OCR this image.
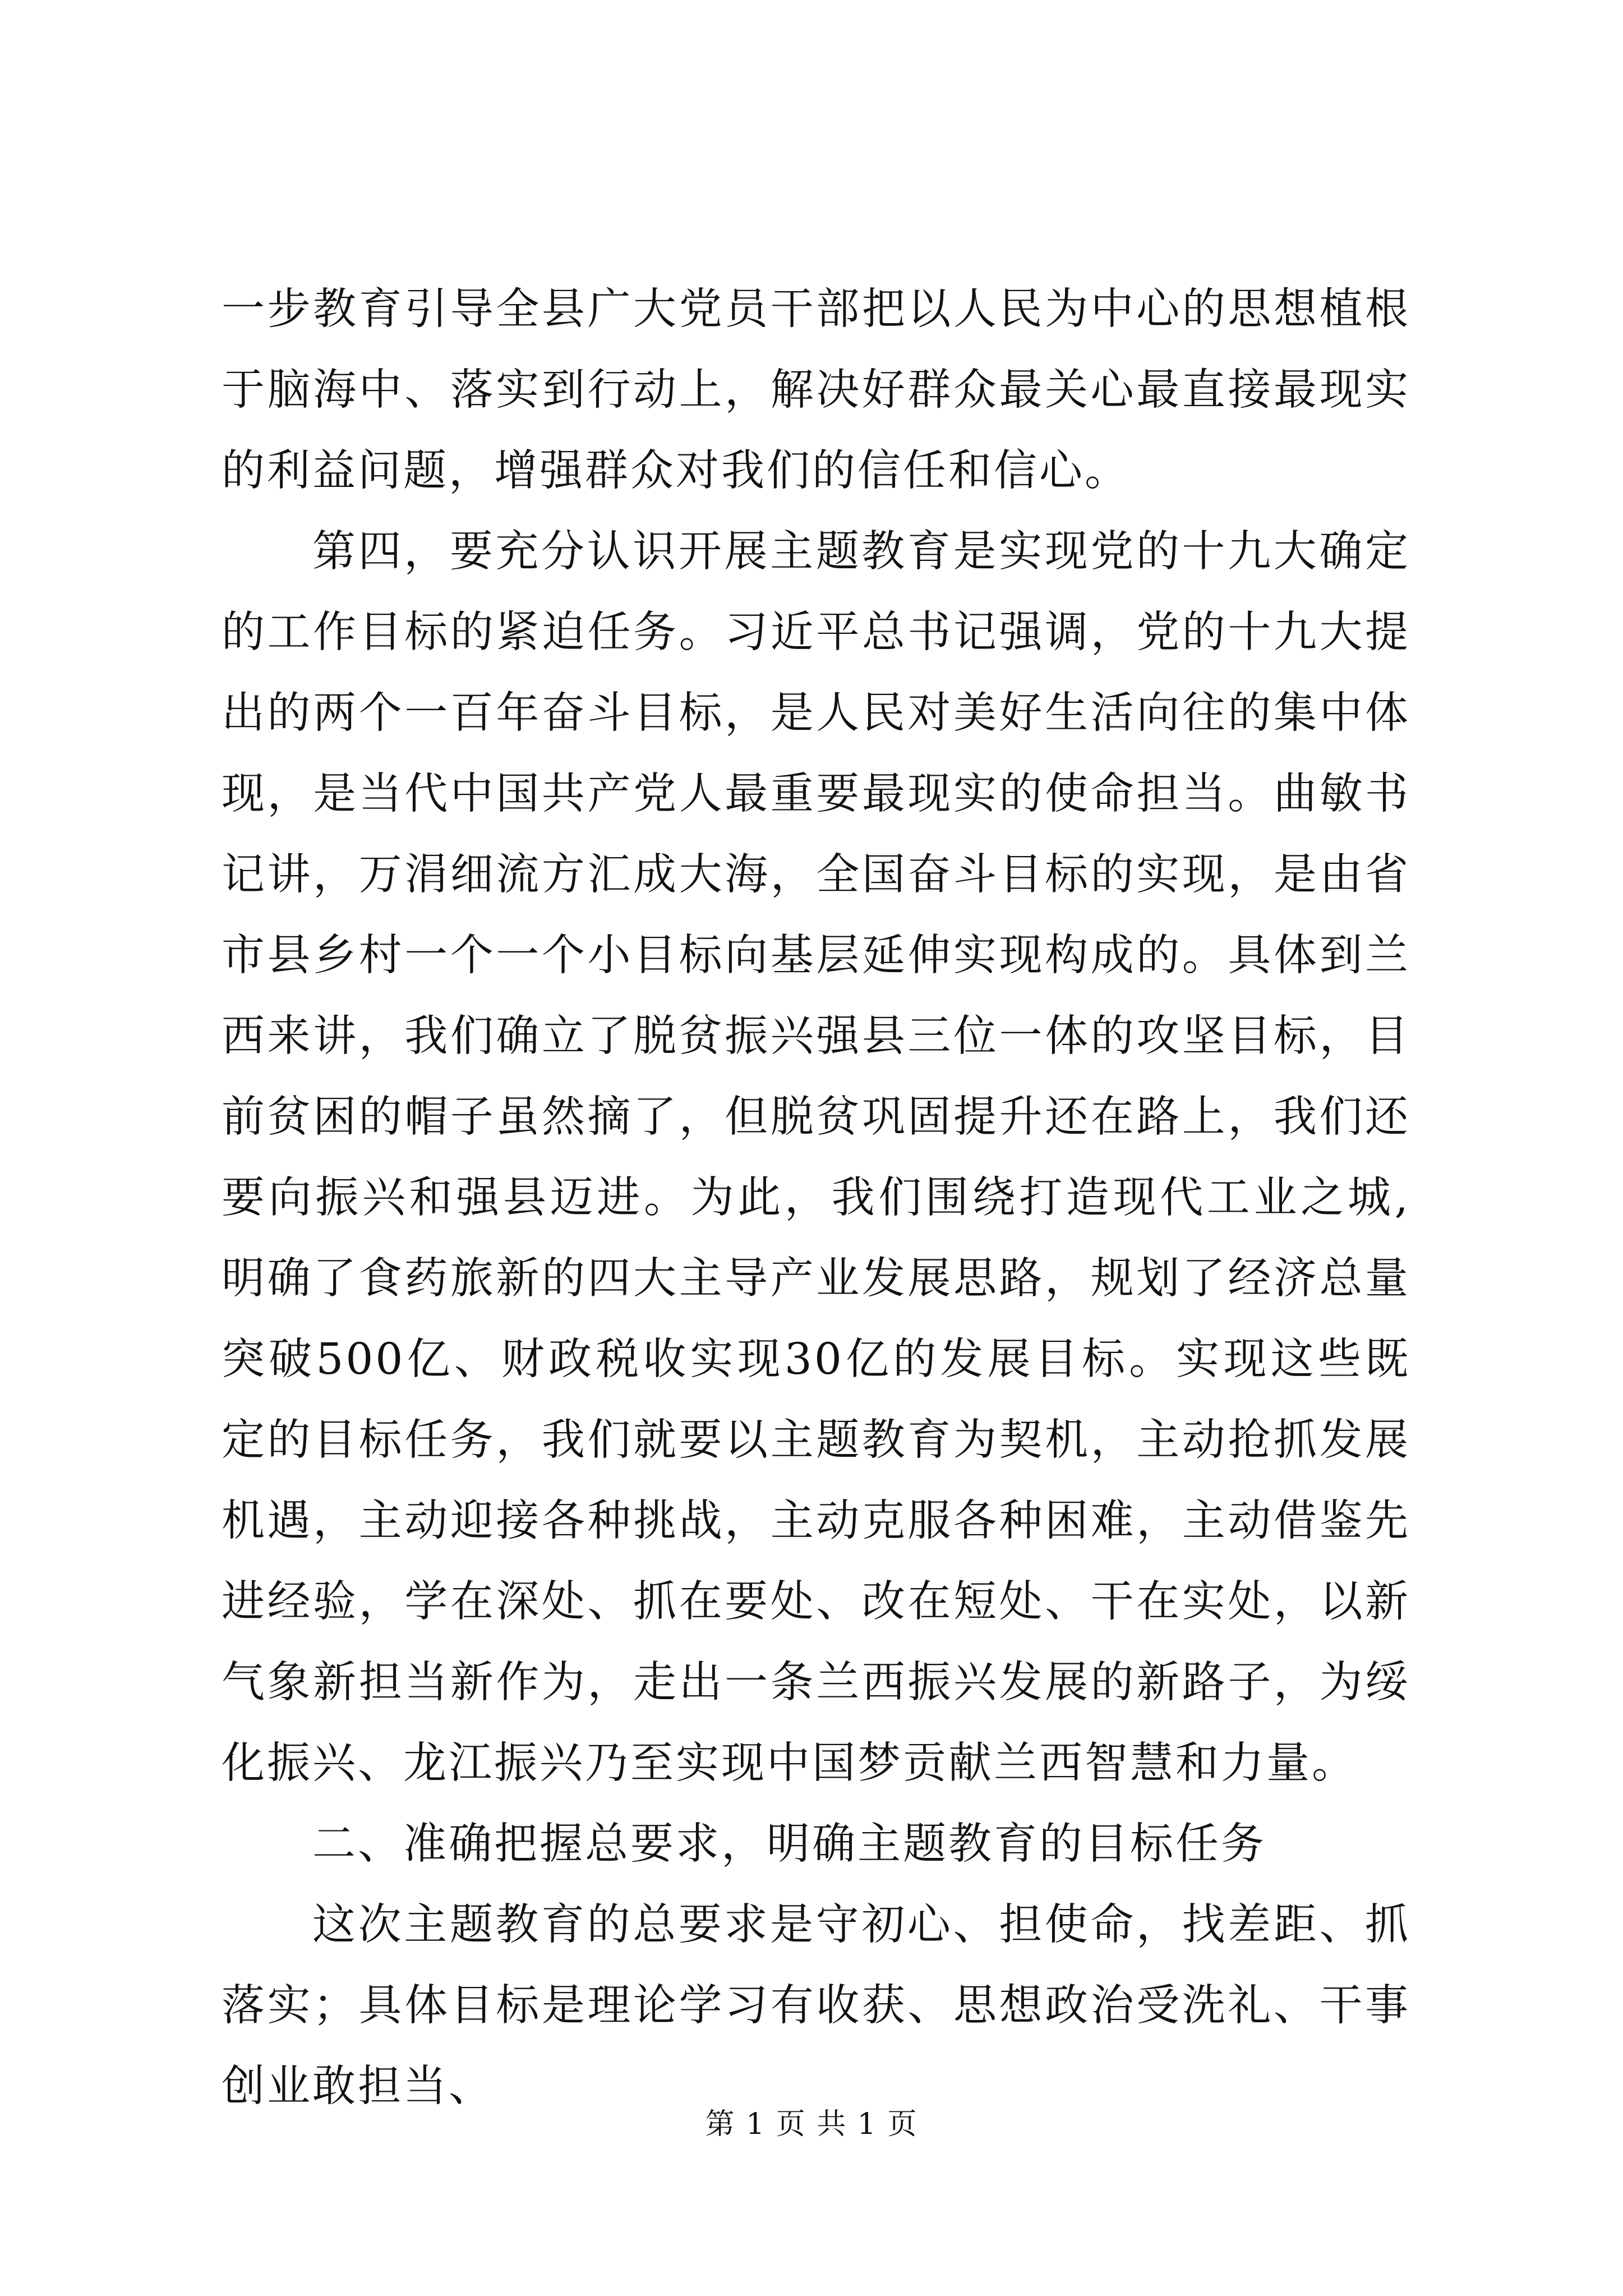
一步教育引导全县广大党员干部把以人民为中心的思想植根于脑海中、落实到行动上，解决好群众最关心最直接最现实的利益问题，增强群众对我们的信任和信心。

第四，要充分认识开展主题教育是实现党的十九大确定的工作目标的紧迫任务。习近平总书记强调，党的十九大提出的两个一百年奋斗目标，是人民对美好生活向往的集中体现，是当代中国共产党人最重要最现实的使命担当。曲敏书记讲，万涓细流方汇成大海，全国奋斗目标的实现，是由省市县乡村一个一个小目标向基层延伸实现构成的。具体到兰西来讲，我们确立了脱贫振兴强县三位一体的攻坚目标，目前贫困的帽子虽然摘了，但脱贫巩固提升还在路上，我们还要向振兴和强县迈进。为此，我们围绕打造现代工业之城,明确了食药旅新的四大主导产业发展思路，规划了经济总量突破500亿、财政税收实现30亿的发展目标。实现这些既定的目标任务，我们就要以主题教育为契机，主动抢抓发展机遇，主动迎接各种挑战，主动克服各种困难，主动借鉴先进经验，学在深处、抓在要处、改在短处、干在实处，以新气象新担当新作为，走出一条兰西振兴发展的新路子，为绥化振兴、龙江振兴乃至实现中国梦贡献兰西智慧和力量。

二、准确把握总要求，明确主题教育的目标任务

这次主题教育的总要求是守初心、担使命，找差距、抓落实；具体目标是理论学习有收获、思想政治受洗礼、干事创业敢担当、

第 1 页 共 1 页
